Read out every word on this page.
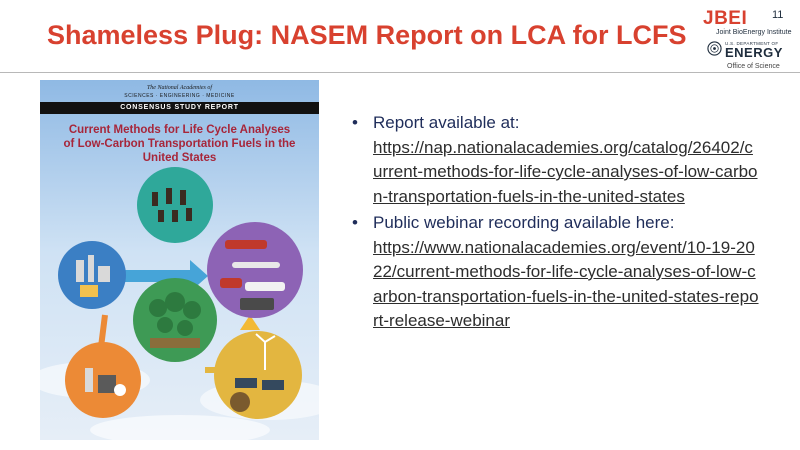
Shameless Plug: NASEM Report on LCA for LCFS
11
JBEI
Joint BioEnergy Institute
U.S. DEPARTMENT OF
ENERGY
Office of Science
The National Academies of
SCIENCES · ENGINEERING · MEDICINE
CONSENSUS STUDY REPORT
Current Methods for Life Cycle Analyses of Low-Carbon Transportation Fuels in the United States
• Report available at:
https://nap.nationalacademies.org/catalog/26402/current-methods-for-life-cycle-analyses-of-low-carbon-transportation-fuels-in-the-united-states
• Public webinar recording available here:
https://www.nationalacademies.org/event/10-19-2022/current-methods-for-life-cycle-analyses-of-low-carbon-transportation-fuels-in-the-united-states-report-release-webinar
